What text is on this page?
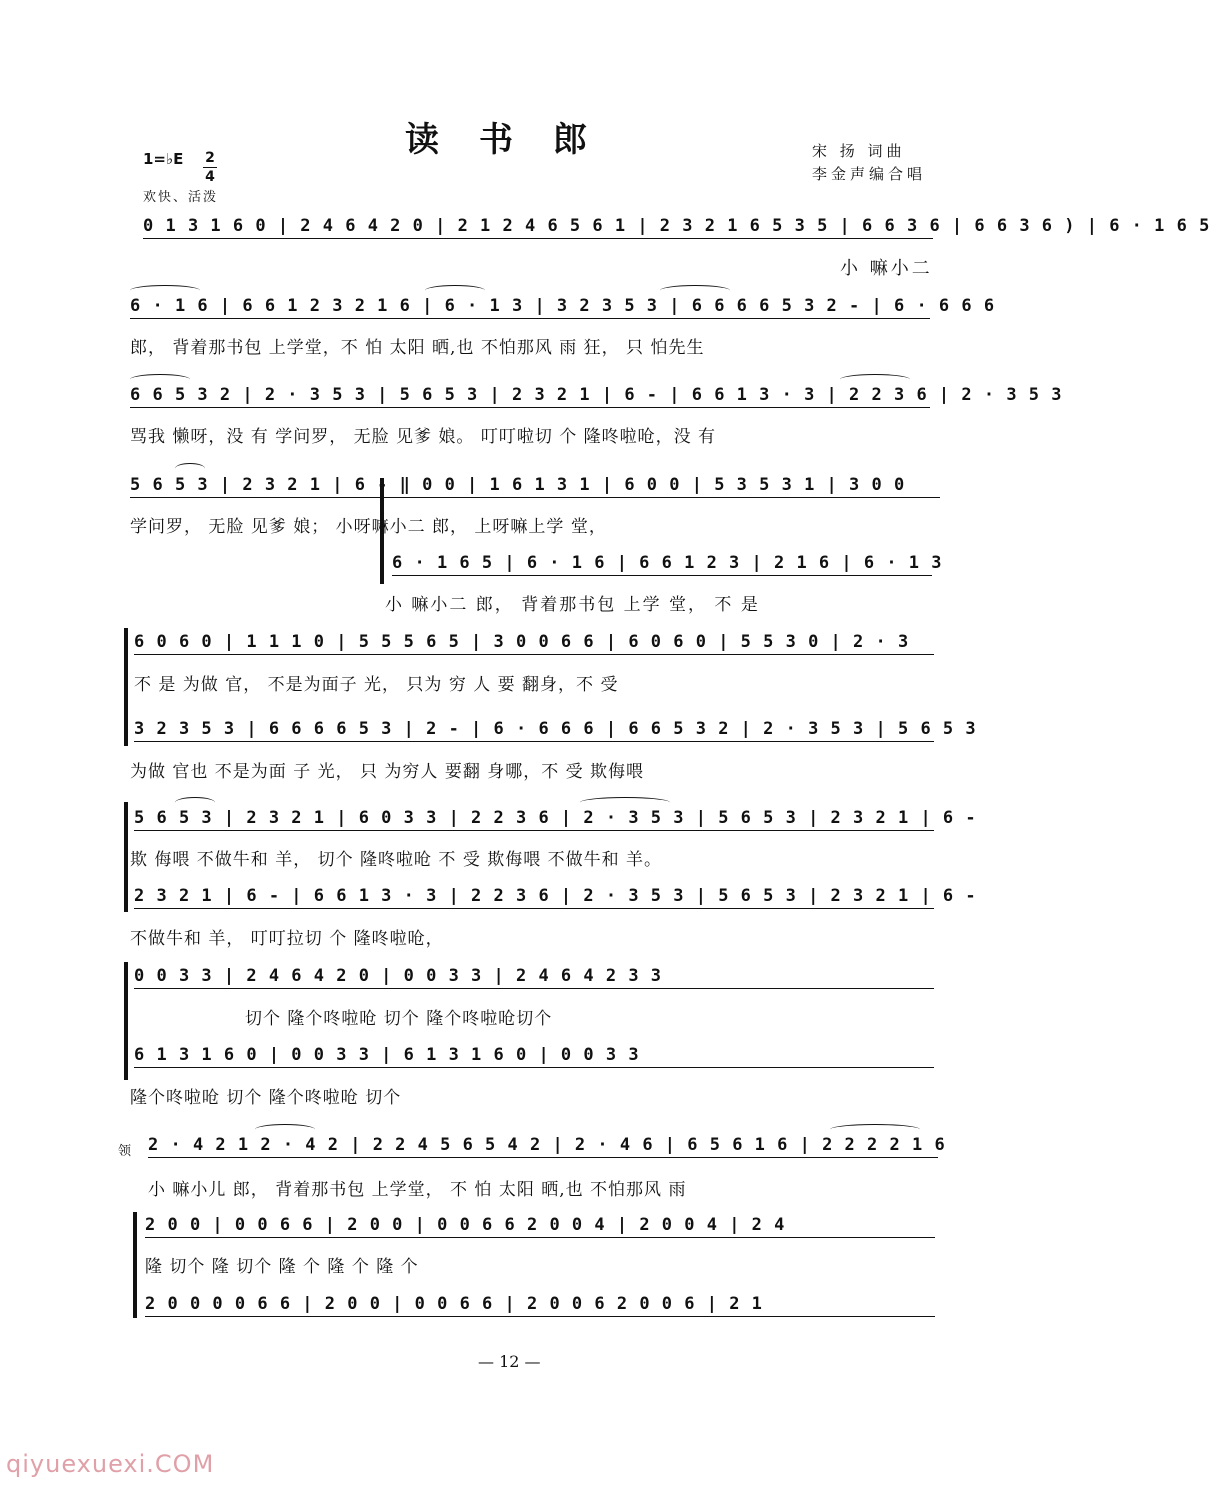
读书郎	宋 扬 词曲
李金声编合唱
1=♭E 2
4
欢快、活泼
0 1 3 1 6 0 | 2 4 6 4 2 0 | 2 1 2 4 6 5 6 1 | 2 3 2 1 6 5 3 5 | 6 6 3 6 | 6 6 3 6 ) | 6 · 1 6 5
小 嘛小二
6 · 1 6 | 6 6 1 2 3 2 1 6 | 6 · 1 3 | 3 2 3 5 3 | 6 6 6 6 5 3 2 - | 6 · 6 6 6
郎， 背着那书包 上学堂，不 怕 太阳 晒,也 不怕那风 雨 狂， 只 怕先生
6 6 5 3 2 | 2 · 3 5 3 | 5 6 5 3 | 2 3 2 1 | 6 - | 6 6 1 3 · 3 | 2 2 3 6 | 2 · 3 5 3
骂我 懒呀，没 有 学问罗， 无脸 见爹 娘。 叮叮啦切 个 隆咚啦呛，没 有
5 6 5 3 | 2 3 2 1 | 6 - ‖ 0 0 | 1 6 1 3 1 | 6 0 0 | 5 3 5 3 1 | 3 0 0
学问罗， 无脸 见爹 娘； 小呀嘛小二 郎， 上呀嘛上学 堂，
6 · 1 6 5 | 6 · 1 6 | 6 6 1 2 3 | 2 1 6 | 6 · 1 3
小 嘛小二 郎， 背着那书包 上学 堂， 不 是
6 0 6 0 | 1 1 1 0 | 5 5 5 6 5 | 3 0 0 6 6 | 6 0 6 0 | 5 5 3 0 | 2 · 3
不 是 为做 官， 不是为面子 光， 只为 穷 人 要 翻身，不 受
3 2 3 5 3 | 6 6 6 6 5 3 | 2 - | 6 · 6 6 6 | 6 6 5 3 2 | 2 · 3 5 3 | 5 6 5 3
为做 官也 不是为面 子 光， 只 为穷人 要翻 身哪，不 受 欺侮喂
5 6 5 3 | 2 3 2 1 | 6 0 3 3 | 2 2 3 6 | 2 · 3 5 3 | 5 6 5 3 | 2 3 2 1 | 6 -
欺 侮喂 不做牛和 羊， 切个 隆咚啦呛 不 受 欺侮喂 不做牛和 羊。
2 3 2 1 | 6 - | 6 6 1 3 · 3 | 2 2 3 6 | 2 · 3 5 3 | 5 6 5 3 | 2 3 2 1 | 6 -
不做牛和 羊， 叮叮拉切 个 隆咚啦呛，
0 0 3 3 | 2 4 6 4 2 0 | 0 0 3 3 | 2 4 6 4 2 3 3
切个 隆个咚啦呛 切个 隆个咚啦呛切个
6 1 3 1 6 0 | 0 0 3 3 | 6 1 3 1 6 0 | 0 0 3 3
隆个咚啦呛 切个 隆个咚啦呛 切个
领 2 · 4 2 1 2 · 4 2 | 2 2 4 5 6 5 4 2 | 2 · 4 6 | 6 5 6 1 6 | 2 2 2 2 1 6
小 嘛小儿 郎， 背着那书包 上学堂， 不 怕 太阳 晒,也 不怕那风 雨
2 0 0 | 0 0 6 6 | 2 0 0 | 0 0 6 6 2 0 0 4 | 2 0 0 4 | 2 4
隆 切个 隆 切个 隆 个 隆 个 隆 个
2 0 0 0 0 6 6 | 2 0 0 | 0 0 6 6 | 2 0 0 6 2 0 0 6 | 2 1
— 12 —
qiyuexuexi.COM
